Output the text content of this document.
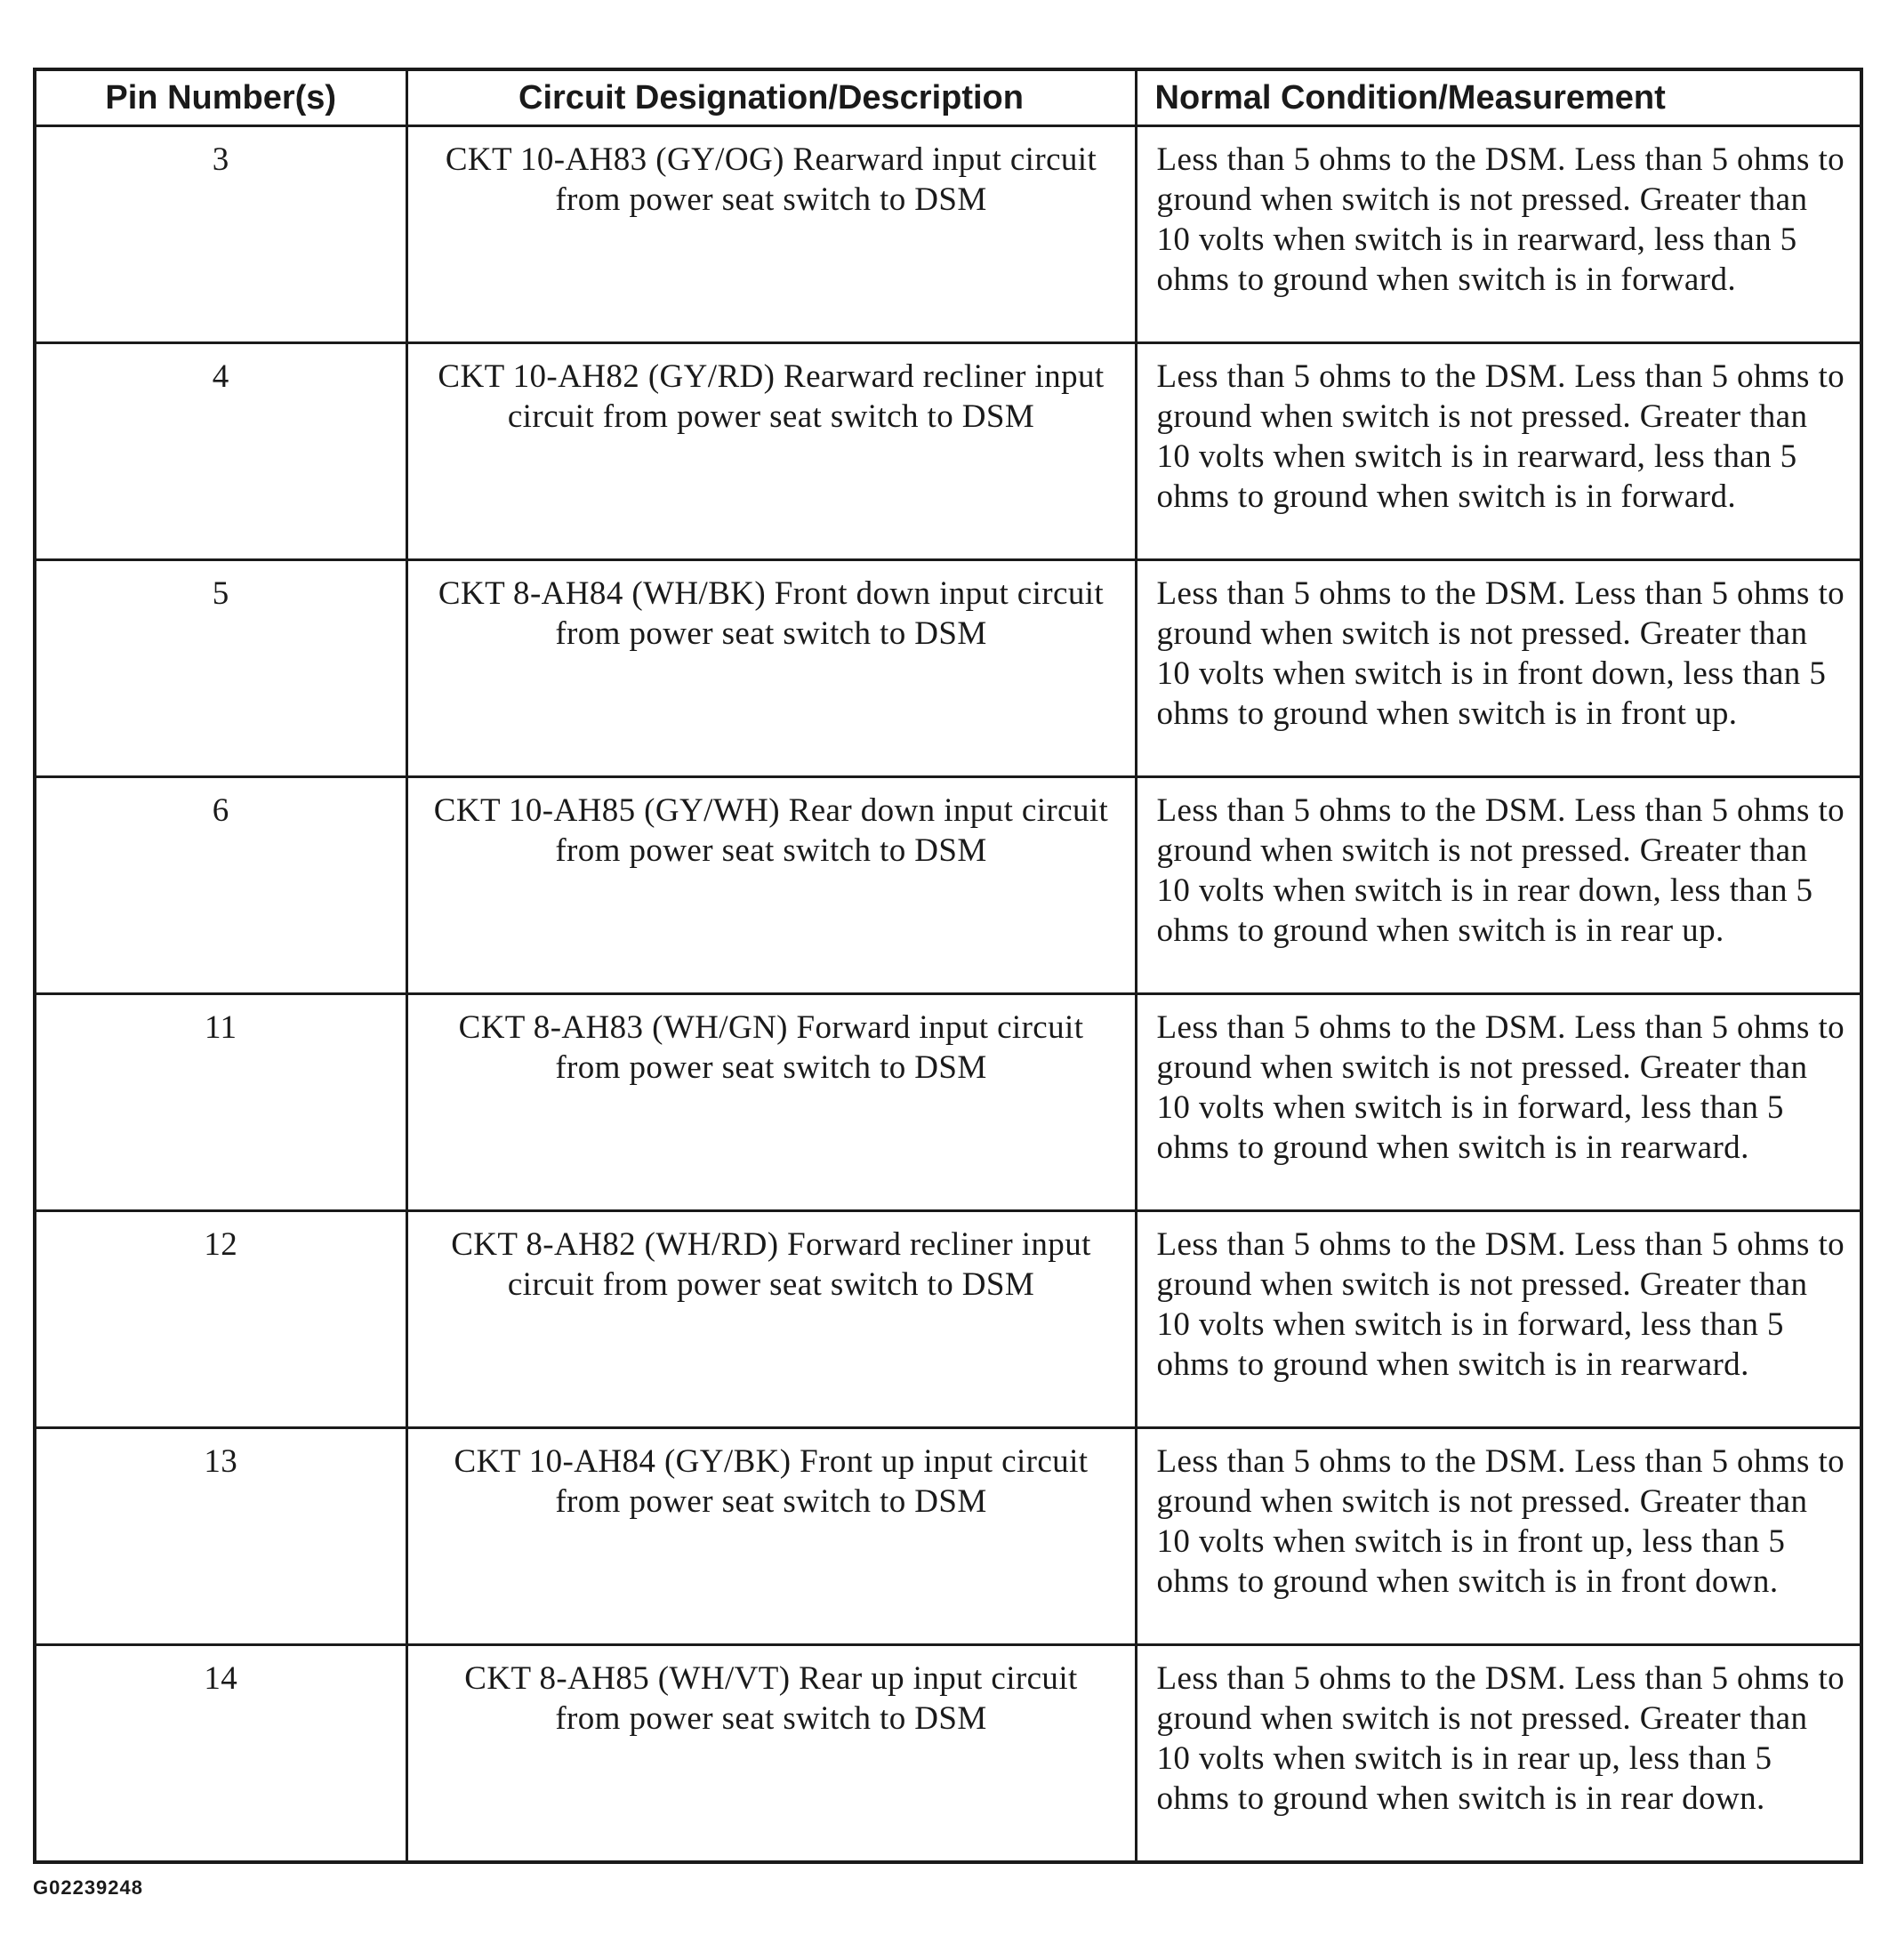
Pin Number(s)	Circuit Designation/Description	Normal Condition/Measurement
3	CKT 10-AH83 (GY/OG) Rearward input circuit from power seat switch to DSM	Less than 5 ohms to the DSM. Less than 5 ohms to ground when switch is not pressed. Greater than 10 volts when switch is in rearward, less than 5 ohms to ground when switch is in forward.
4	CKT 10-AH82 (GY/RD) Rearward recliner input circuit from power seat switch to DSM	Less than 5 ohms to the DSM. Less than 5 ohms to ground when switch is not pressed. Greater than 10 volts when switch is in rearward, less than 5 ohms to ground when switch is in forward.
5	CKT 8-AH84 (WH/BK) Front down input circuit from power seat switch to DSM	Less than 5 ohms to the DSM. Less than 5 ohms to ground when switch is not pressed. Greater than 10 volts when switch is in front down, less than 5 ohms to ground when switch is in front up.
6	CKT 10-AH85 (GY/WH) Rear down input circuit from power seat switch to DSM	Less than 5 ohms to the DSM. Less than 5 ohms to ground when switch is not pressed. Greater than 10 volts when switch is in rear down, less than 5 ohms to ground when switch is in rear up.
11	CKT 8-AH83 (WH/GN) Forward input circuit from power seat switch to DSM	Less than 5 ohms to the DSM. Less than 5 ohms to ground when switch is not pressed. Greater than 10 volts when switch is in forward, less than 5 ohms to ground when switch is in rearward.
12	CKT 8-AH82 (WH/RD) Forward recliner input circuit from power seat switch to DSM	Less than 5 ohms to the DSM. Less than 5 ohms to ground when switch is not pressed. Greater than 10 volts when switch is in forward, less than 5 ohms to ground when switch is in rearward.
13	CKT 10-AH84 (GY/BK) Front up input circuit from power seat switch to DSM	Less than 5 ohms to the DSM. Less than 5 ohms to ground when switch is not pressed. Greater than 10 volts when switch is in front up, less than 5 ohms to ground when switch is in front down.
14	CKT 8-AH85 (WH/VT) Rear up input circuit from power seat switch to DSM	Less than 5 ohms to the DSM. Less than 5 ohms to ground when switch is not pressed. Greater than 10 volts when switch is in rear up, less than 5 ohms to ground when switch is in rear down.
G02239248
